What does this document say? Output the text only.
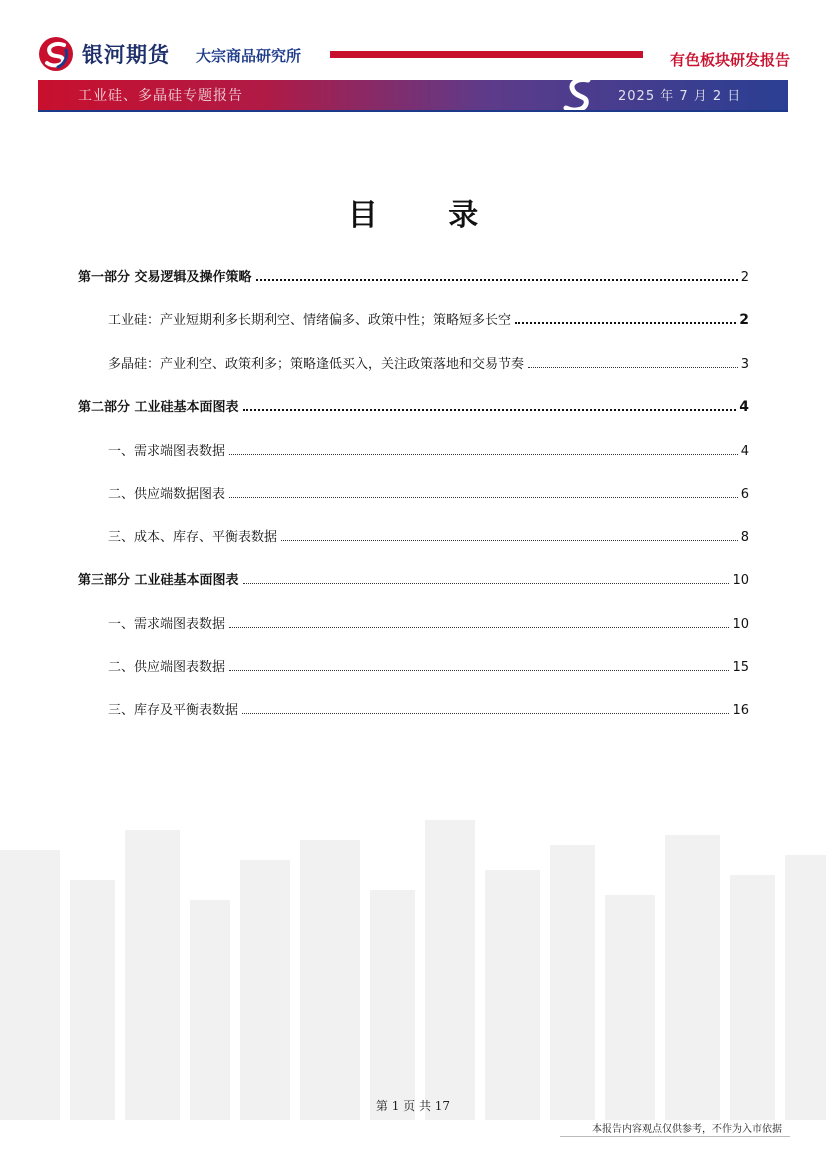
银河期货 大宗商品研究所	有色板块研发报告
工业硅、多晶硅专题报告	2025 年 7 月 2 日
目 录
第一部分 交易逻辑及操作策略	2
工业硅：产业短期利多长期利空、情绪偏多、政策中性；策略短多长空	2
多晶硅：产业利空、政策利多；策略逢低买入，关注政策落地和交易节奏	3
第二部分 工业硅基本面图表	4
一、需求端图表数据	4
二、供应端数据图表	6
三、成本、库存、平衡表数据	8
第三部分 工业硅基本面图表	10
一、需求端图表数据	10
二、供应端图表数据	15
三、库存及平衡表数据	16
第 1 页 共 17
本报告内容观点仅供参考，不作为入市依据
